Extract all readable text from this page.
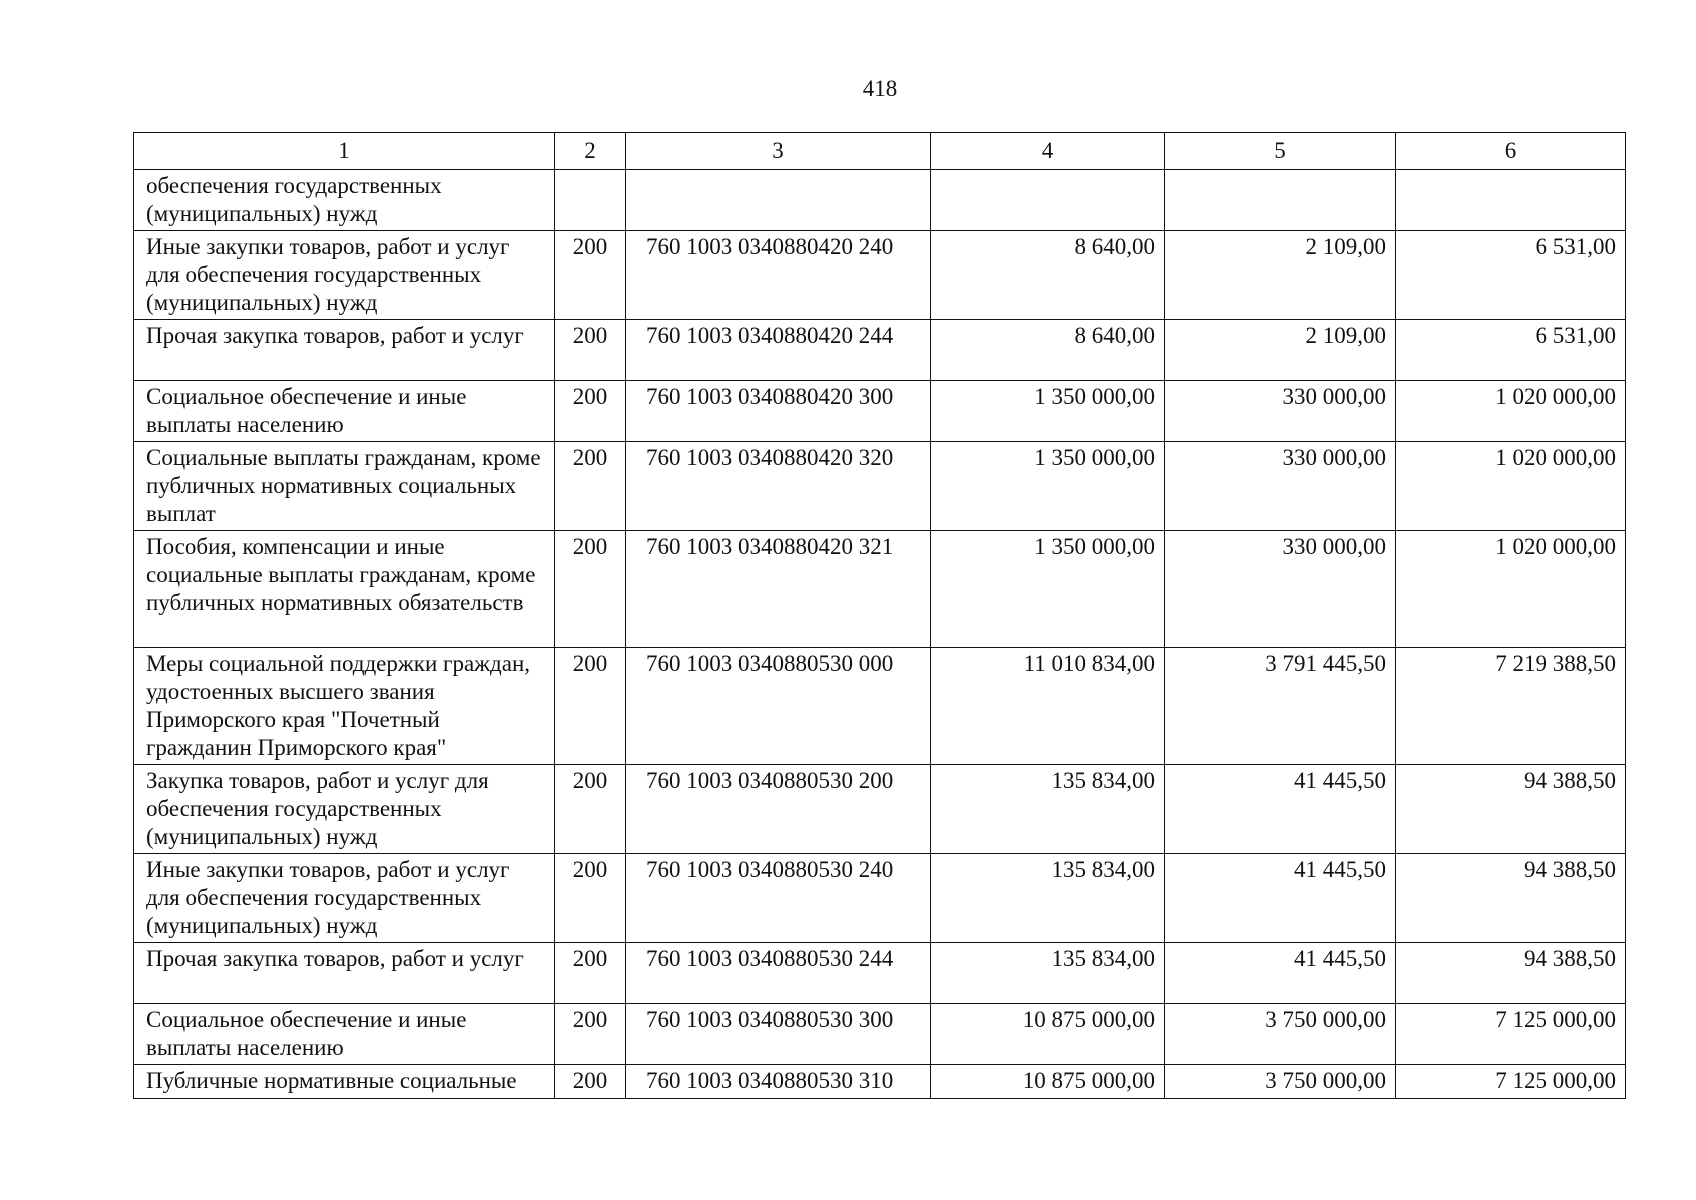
418
1	2	3	4	5	6
обеспечения государственных (муниципальных) нужд					
Иные закупки товаров, работ и услуг для обеспечения государственных (муниципальных) нужд	200	760 1003 0340880420 240	8 640,00	2 109,00	6 531,00
Прочая закупка товаров, работ и услуг	200	760 1003 0340880420 244	8 640,00	2 109,00	6 531,00
Социальное обеспечение и иные выплаты населению	200	760 1003 0340880420 300	1 350 000,00	330 000,00	1 020 000,00
Социальные выплаты гражданам, кроме публичных нормативных социальных выплат	200	760 1003 0340880420 320	1 350 000,00	330 000,00	1 020 000,00
Пособия, компенсации и иные социальные выплаты гражданам, кроме публичных нормативных обязательств	200	760 1003 0340880420 321	1 350 000,00	330 000,00	1 020 000,00
Меры социальной поддержки граждан, удостоенных высшего звания Приморского края "Почетный гражданин Приморского края"	200	760 1003 0340880530 000	11 010 834,00	3 791 445,50	7 219 388,50
Закупка товаров, работ и услуг для обеспечения государственных (муниципальных) нужд	200	760 1003 0340880530 200	135 834,00	41 445,50	94 388,50
Иные закупки товаров, работ и услуг для обеспечения государственных (муниципальных) нужд	200	760 1003 0340880530 240	135 834,00	41 445,50	94 388,50
Прочая закупка товаров, работ и услуг	200	760 1003 0340880530 244	135 834,00	41 445,50	94 388,50
Социальное обеспечение и иные выплаты населению	200	760 1003 0340880530 300	10 875 000,00	3 750 000,00	7 125 000,00
Публичные нормативные социальные	200	760 1003 0340880530 310	10 875 000,00	3 750 000,00	7 125 000,00
